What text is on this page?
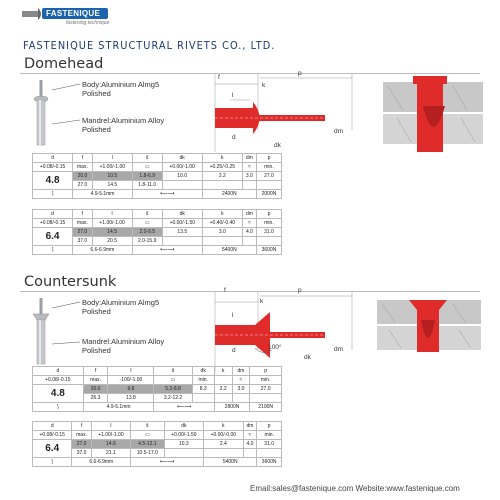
FASTENIQUE
fastening technique
FASTENIQUE STRUCTURAL RIVETS CO., LTD.
Domehead
Body:Aluminium Almg5
Polished
Mandrel:Aluminium Alloy
Polished
f
p
k
l
d
dm
dk
d	f	l	⇕	dk	k	dm	p
+0.08/-0.15	max.	+1.00/-1.00	▭	+0.00/-1.00	+0.25/-0.25	≈	min.
4.8	20.0	10.5	1.8-6.9	10.0	2.2	3.0	27.0
	27.0	14.5	1.8-11.0				
⟆	4.9-5.1mm		⟵⟶		2400N		2000N
d	f	l	⇕	dk	k	dm	p
+0.08/-0.15	max.	+1.00/-1.00	▭	+0.00/-1.50	+0.40/-0.40	≈	min.
6.4	27.0	14.5	2.0-9.5	13.5	3.0	4.0	31.0
	37.0	20.5	2.0-15.9				
⟆	6.6-6.9mm		⟵⟶		5400N		3600N
Countersunk
Body:Aluminium Almg5
Polished
Mandrel:Aluminium Alloy
Polished
f	p
k
l
d	100°	dm
dk
d	f	l	⇕	dk	k	dm	p
+0.08/-0.15	max.	-100/-1.00	▭	min.		≈	min.
4.8	20.0	9.8	5.2-8.8	8.3	2.2	3.0	27.0
	26.3	13.8	3.2-12.2				
⟆	4.9-5.1mm		⟵⟶		2800N		2100N
d	f	l	⇕	dk	k	dm	p
+0.08/-0.15	max.	+1.00/-1.00	▭	+0.00/-1.50	+0.00/-0.00	≈	min.
6.4	27.0	14.6	4.5-12.1	10.3	2.4	4.0	31.0
	37.0	21.1	10.5-17.0				
⟆	6.6-6.9mm		⟵⟶		5400N		3600N
Email:sales@fastenique.com Website:www.fastenique.com
